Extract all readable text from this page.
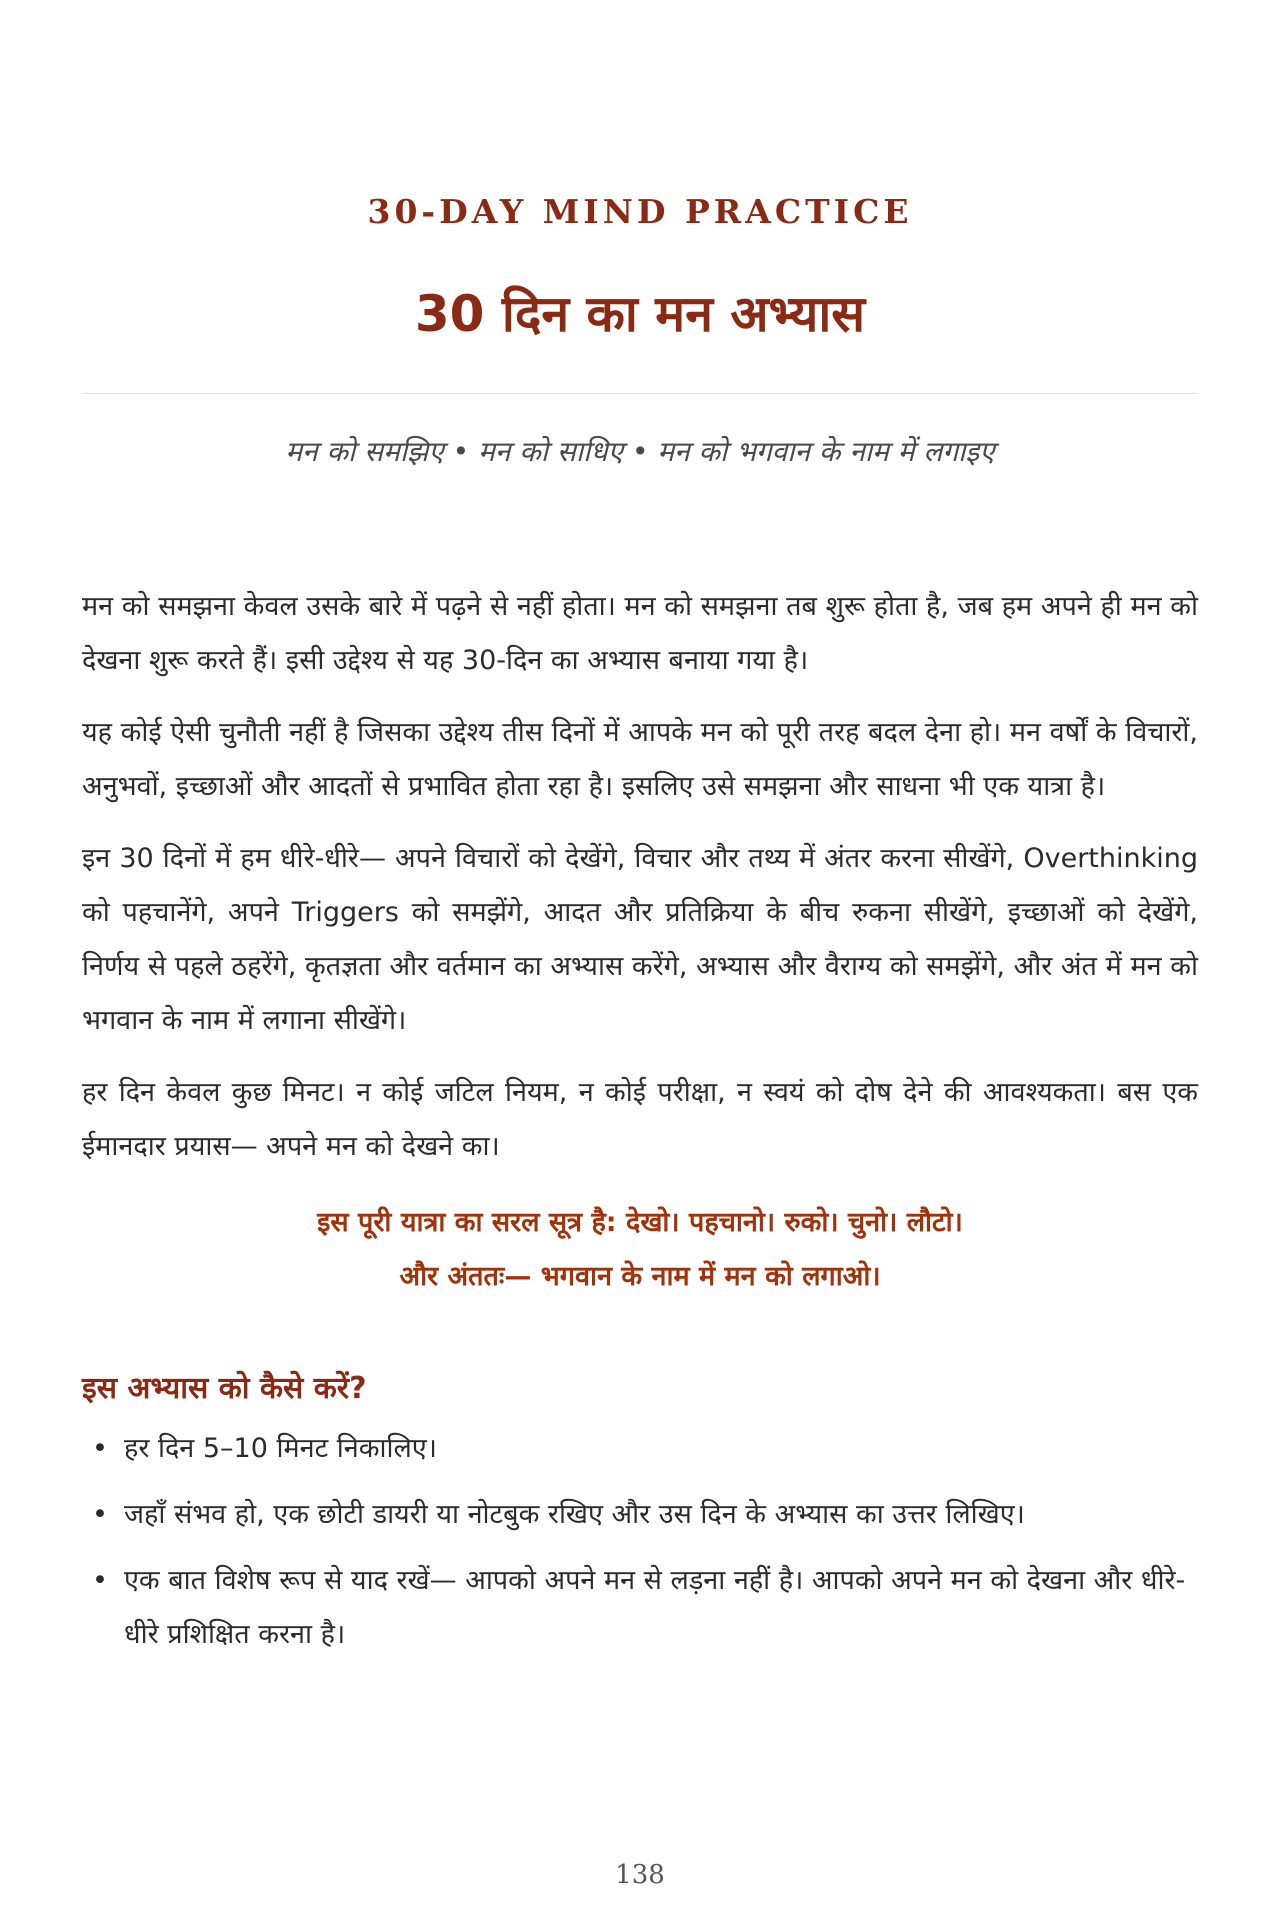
30-DAY MIND PRACTICE
30 दिन का मन अभ्यास
मन को समझिए • मन को साधिए • मन को भगवान के नाम में लगाइए

मन को समझना केवल उसके बारे में पढ़ने से नहीं होता। मन को समझना तब शुरू होता है, जब हम अपने ही मन को देखना शुरू करते हैं। इसी उद्देश्य से यह 30-दिन का अभ्यास बनाया गया है।

यह कोई ऐसी चुनौती नहीं है जिसका उद्देश्य तीस दिनों में आपके मन को पूरी तरह बदल देना हो। मन वर्षों के विचारों, अनुभवों, इच्छाओं और आदतों से प्रभावित होता रहा है। इसलिए उसे समझना और साधना भी एक यात्रा है।

इन 30 दिनों में हम धीरे-धीरे— अपने विचारों को देखेंगे, विचार और तथ्य में अंतर करना सीखेंगे, Overthinking को पहचानेंगे, अपने Triggers को समझेंगे, आदत और प्रतिक्रिया के बीच रुकना सीखेंगे, इच्छाओं को देखेंगे, निर्णय से पहले ठहरेंगे, कृतज्ञता और वर्तमान का अभ्यास करेंगे, अभ्यास और वैराग्य को समझेंगे, और अंत में मन को भगवान के नाम में लगाना सीखेंगे।

हर दिन केवल कुछ मिनट। न कोई जटिल नियम, न कोई परीक्षा, न स्वयं को दोष देने की आवश्यकता। बस एक ईमानदार प्रयास— अपने मन को देखने का।

इस पूरी यात्रा का सरल सूत्र है: देखो। पहचानो। रुको। चुनो। लौटो।
और अंततः— भगवान के नाम में मन को लगाओ।
इस अभ्यास को कैसे करें?
• हर दिन 5–10 मिनट निकालिए।
• जहाँ संभव हो, एक छोटी डायरी या नोटबुक रखिए और उस दिन के अभ्यास का उत्तर लिखिए।
• एक बात विशेष रूप से याद रखें— आपको अपने मन से लड़ना नहीं है। आपको अपने मन को देखना और धीरे-धीरे प्रशिक्षित करना है।
138
